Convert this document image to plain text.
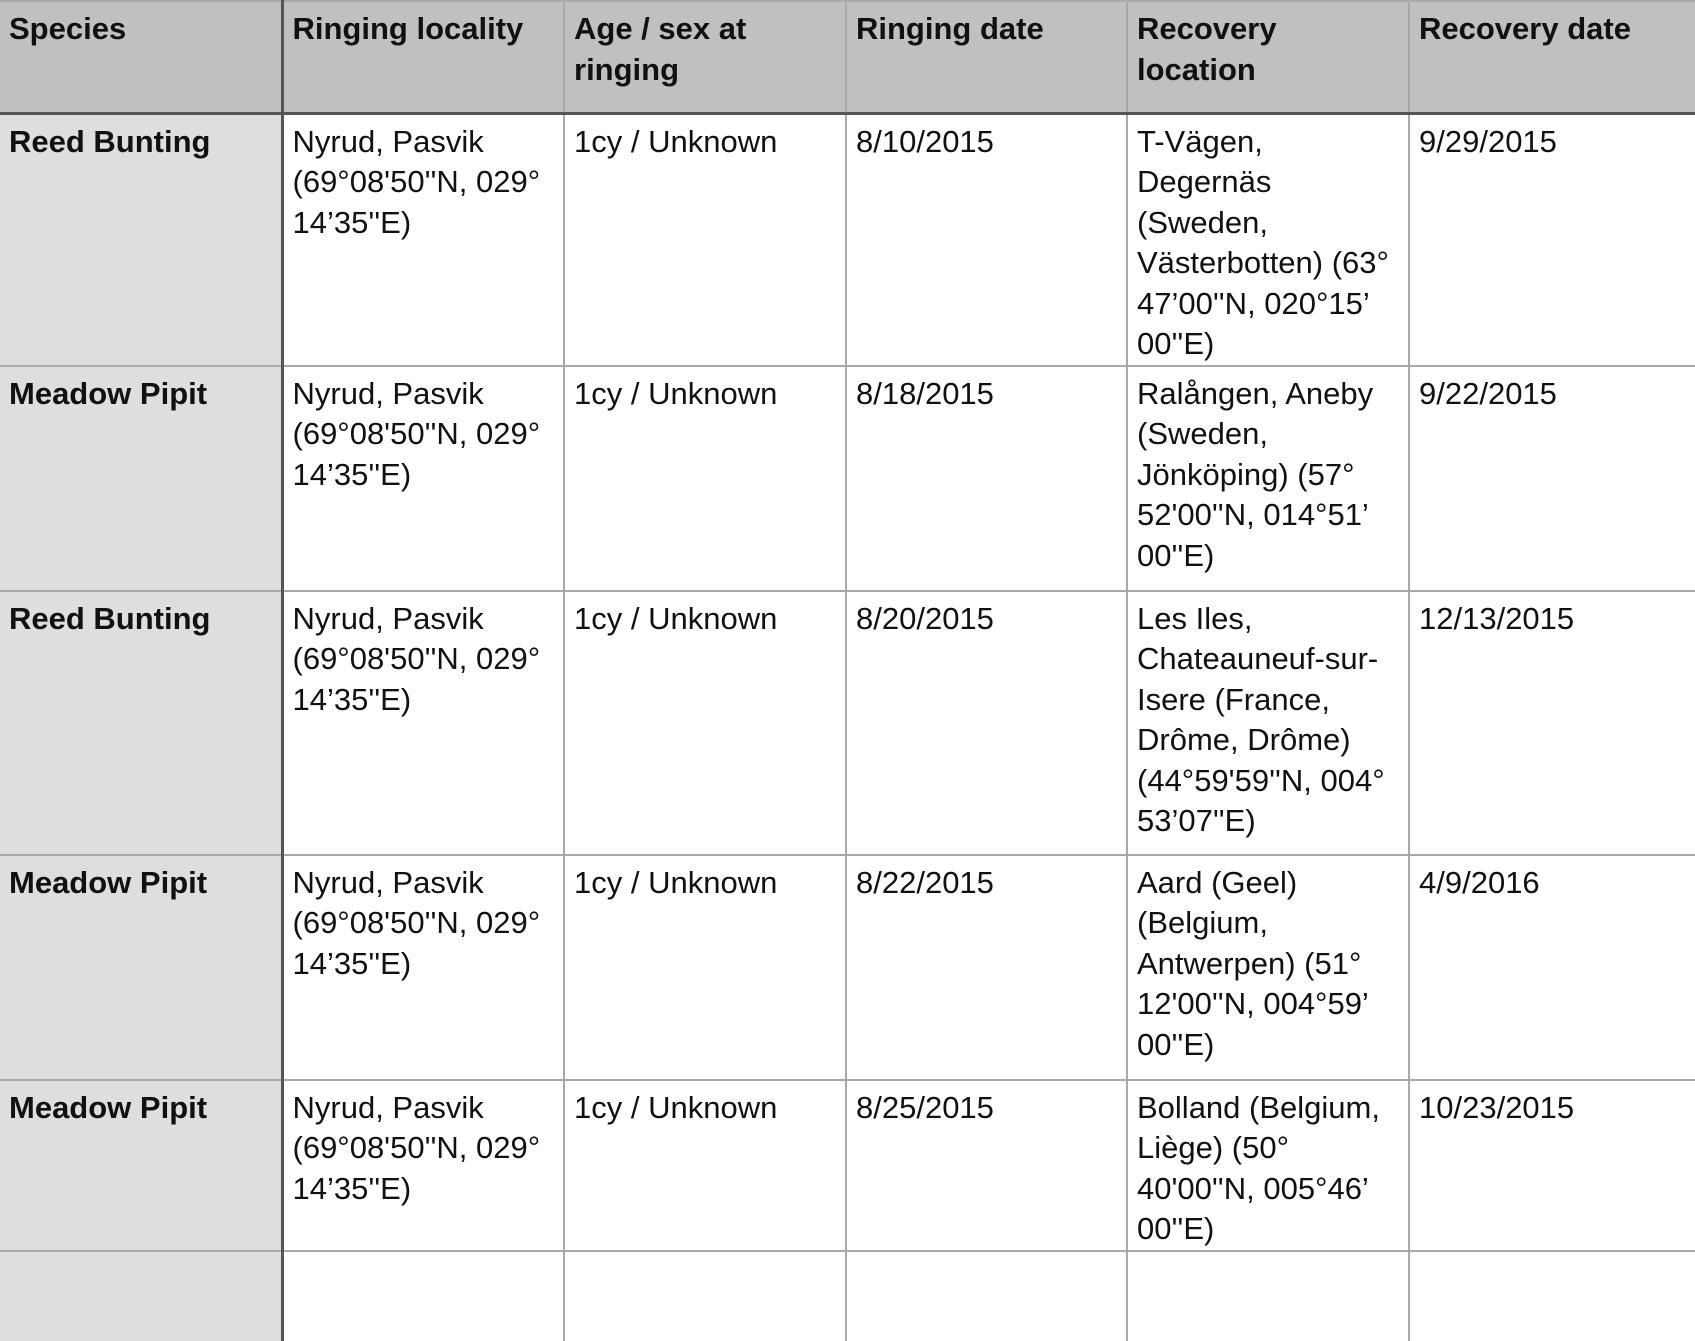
Species	Ringing locality	Age / sex at ringing	Ringing date	Recovery location	Recovery date
Reed Bunting	Nyrud, Pasvik (69°08'50''N, 029° 14’35''E)	1cy / Unknown	8/10/2015	T-Vägen, Degernäs (Sweden, Västerbotten) (63° 47’00''N, 020°15’ 00''E)	9/29/2015
Meadow Pipit	Nyrud, Pasvik (69°08'50''N, 029° 14’35''E)	1cy / Unknown	8/18/2015	Ralången, Aneby (Sweden, Jönköping) (57° 52'00''N, 014°51’ 00''E)	9/22/2015
Reed Bunting	Nyrud, Pasvik (69°08'50''N, 029° 14’35''E)	1cy / Unknown	8/20/2015	Les Iles, Chateauneuf-sur-Isere (France, Drôme, Drôme) (44°59'59''N, 004° 53’07''E)	12/13/2015
Meadow Pipit	Nyrud, Pasvik (69°08'50''N, 029° 14’35''E)	1cy / Unknown	8/22/2015	Aard (Geel) (Belgium, Antwerpen) (51° 12'00''N, 004°59’ 00''E)	4/9/2016
Meadow Pipit	Nyrud, Pasvik (69°08'50''N, 029° 14’35''E)	1cy / Unknown	8/25/2015	Bolland (Belgium, Liège) (50° 40'00''N, 005°46’ 00''E)	10/23/2015
